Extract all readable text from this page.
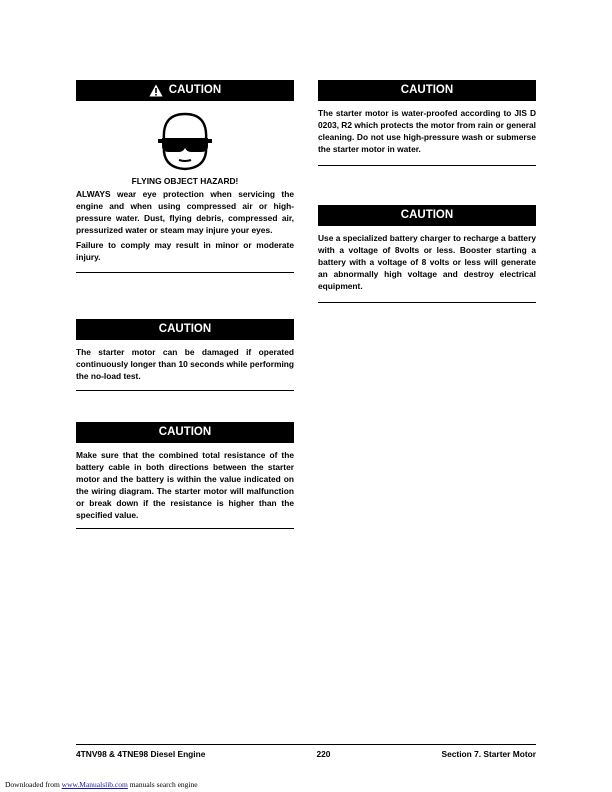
CAUTION
FLYING OBJECT HAZARD!

ALWAYS wear eye protection when servicing the engine and when using compressed air or high-pressure water. Dust, flying debris, compressed air, pressurized water or steam may injure your eyes.

Failure to comply may result in minor or moderate injury.

CAUTION

The starter motor can be damaged if operated continuously longer than 10 seconds while performing the no-load test.

CAUTION

Make sure that the combined total resistance of the battery cable in both directions between the starter motor and the battery is within the value indicated on the wiring diagram. The starter motor will malfunction or break down if the resistance is higher than the specified value.

CAUTION

The starter motor is water-proofed according to JIS D 0203, R2 which protects the motor from rain or general cleaning. Do not use high-pressure wash or submerse the starter motor in water.

CAUTION

Use a specialized battery charger to recharge a battery with a voltage of 8volts or less. Booster starting a battery with a voltage of 8 volts or less will generate an abnormally high voltage and destroy electrical equipment.

4TNV98 & 4TNE98 Diesel Engine	220	Section 7. Starter Motor
Downloaded from www.Manualslib.com manuals search engine
